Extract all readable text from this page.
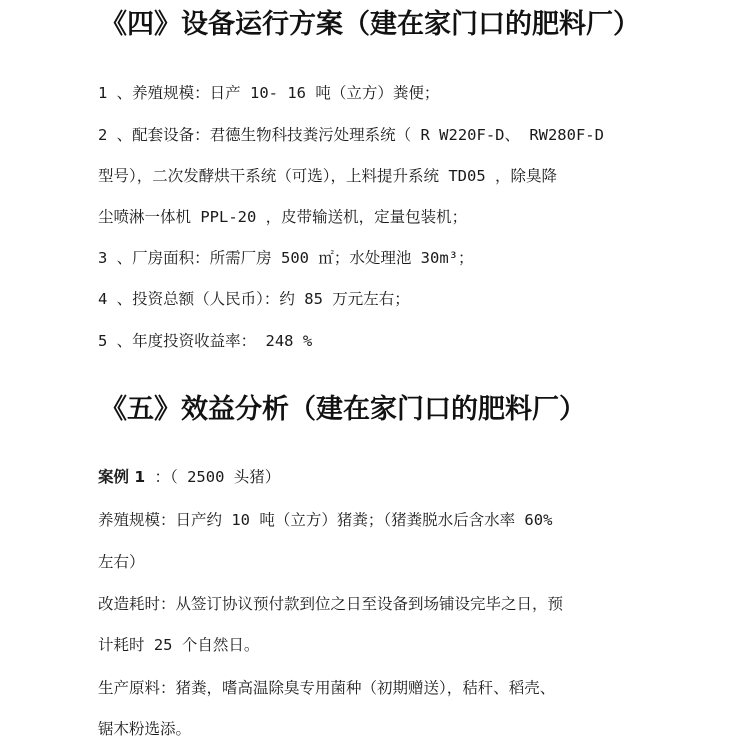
《四》设备运行方案（建在家门口的肥料厂）

1 、养殖规模：日产 10- 16 吨（立方）粪便；

2 、配套设备：君德生物科技粪污处理系统（ R W220F-D、 RW280F-D

型号），二次发酵烘干系统（可选），上料提升系统 TD05 ，除臭降

尘喷淋一体机 PPL-20 ，皮带输送机，定量包装机；

3 、厂房面积：所需厂房 500 ㎡；水处理池 30m³；

4 、投资总额（人民币）：约 85 万元左右；

5 、年度投资收益率： 248 %

《五》效益分析（建在家门口的肥料厂）

案例 1 ：（ 2500 头猪）

养殖规模：日产约 10 吨（立方）猪粪；（猪粪脱水后含水率 60%

左右）

改造耗时：从签订协议预付款到位之日至设备到场铺设完毕之日，预

计耗时 25 个自然日。

生产原料：猪粪，嗜高温除臭专用菌种（初期赠送），秸秆、稻壳、

锯木粉选添。
